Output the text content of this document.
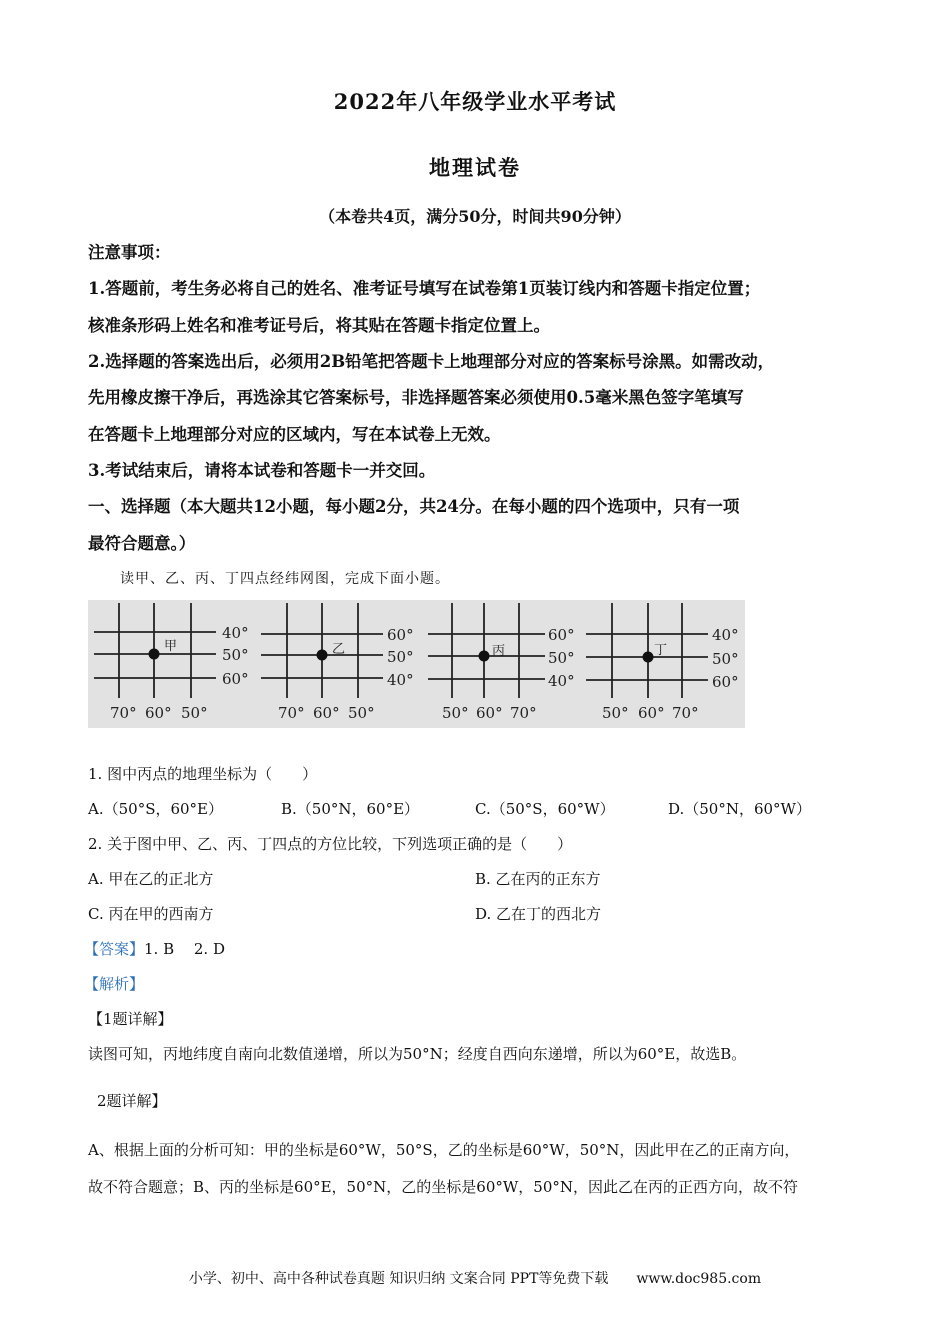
2022年八年级学业水平考试
地理试卷
（本卷共4页，满分50分，时间共90分钟）
注意事项：
1.答题前，考生务必将自己的姓名、准考证号填写在试卷第1页装订线内和答题卡指定位置；
核准条形码上姓名和准考证号后，将其贴在答题卡指定位置上。
2.选择题的答案选出后，必须用2B铅笔把答题卡上地理部分对应的答案标号涂黑。如需改动，
先用橡皮擦干净后，再选涂其它答案标号，非选择题答案必须使用0.5毫米黑色签字笔填写
在答题卡上地理部分对应的区域内，写在本试卷上无效。
3.考试结束后，请将本试卷和答题卡一并交回。
一、选择题（本大题共12小题，每小题2分，共24分。在每小题的四个选项中，只有一项
最符合题意。）
读甲、乙、丙、丁四点经纬网图，完成下面小题。
甲	乙	丙	丁
40°
50°
60°
70° 60° 50°
60°
50°
40°
70° 60° 50°
60°
50°
40°
50° 60° 70°
40°
50°
60°
50° 60° 70°
1. 图中丙点的地理坐标为（　　）
A.（50°S，60°E）	B.（50°N，60°E）	C.（50°S，60°W）	D.（50°N，60°W）
2. 关于图中甲、乙、丙、丁四点的方位比较，下列选项正确的是（　　）
A. 甲在乙的正北方	B. 乙在丙的正东方
C. 丙在甲的西南方	D. 乙在丁的西北方
【答案】1. B　 2. D
【解析】
【1题详解】
读图可知，丙地纬度自南向北数值递增，所以为50°N；经度自西向东递增，所以为60°E，故选B。
2题详解】
A、根据上面的分析可知：甲的坐标是60°W，50°S，乙的坐标是60°W，50°N，因此甲在乙的正南方向，
故不符合题意；B、丙的坐标是60°E，50°N，乙的坐标是60°W，50°N，因此乙在丙的正西方向，故不符
小学、初中、高中各种试卷真题 知识归纳 文案合同 PPT等免费下载　　www.doc985.com
